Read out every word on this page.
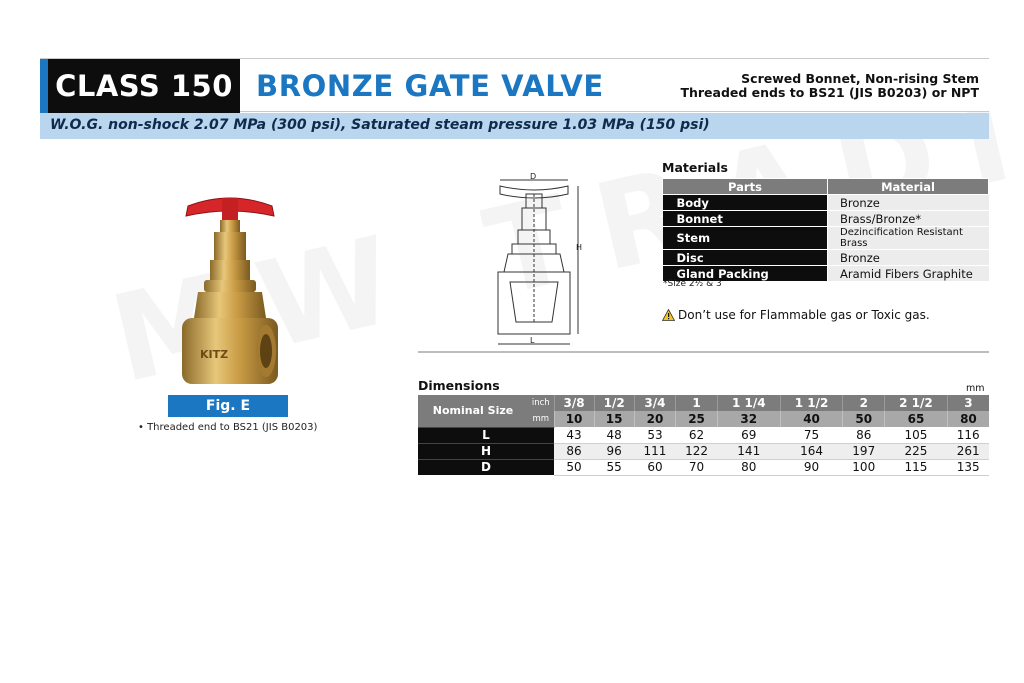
CLASS 150 BRONZE GATE VALVE	Screwed Bonnet, Non-rising Stem
Threaded ends to BS21 (JIS B0203) or NPT
W.O.G. non-shock 2.07 MPa (300 psi), Saturated steam pressure 1.03 MPa (150 psi)
KITZ
Fig. E
• Threaded end to BS21 (JIS B0203)
D
H
L
Materials
Parts	Material
Body	Bronze
Bonnet	Brass/Bronze*
Stem	Dezincification Resistant Brass
Disc	Bronze
Gland Packing	Aramid Fibers Graphite
*Size 2½ & 3
Don’t use for Flammable gas or Toxic gas.
Dimensions	mm
Nominal Size	inch	3/8	1/2	3/4	1	1 1/4	1 1/2	2	2 1/2	3
	mm	10	15	20	25	32	40	50	65	80
L		43	48	53	62	69	75	86	105	116
H		86	96	111	122	141	164	197	225	261
D		50	55	60	70	80	90	100	115	135
